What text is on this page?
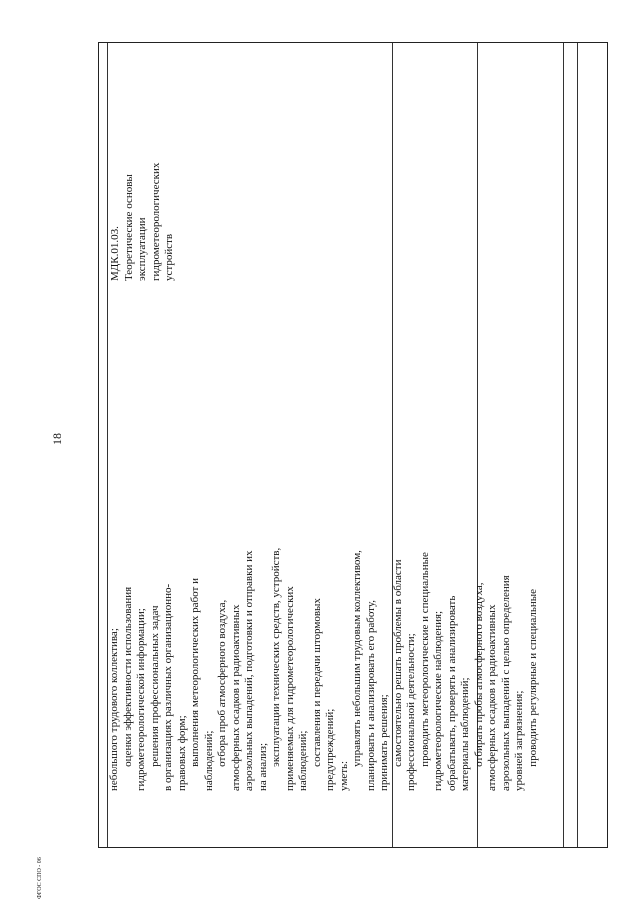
18
ФГОС СПО - 06

небольшого трудового коллектива; оценки эффективности использования гидрометеорологической информации; решения профессиональных задач в организациях различных организационно- правовых форм; выполнения метеорологических работ и наблюдений; отбора проб атмосферного воздуха, атмосферных осадков и радиоактивных аэрозольных выпадений, подготовки и отправки их на анализ;

эксплуатации технических средств, устройств, применяемых для гидрометеорологических наблюдений; составления и передачи штормовых предупреждений; уметь:

управлять небольшим трудовым коллективом, планировать и анализировать его работу, принимать решения; самостоятельно решать проблемы в области профессиональной деятельности; проводить метеорологические и специальные гидрометеорологические наблюдения; обрабатывать, проверять и анализировать материалы наблюдений; отбирать пробы атмосферного воздуха, атмосферных осадков и радиоактивных аэрозольных выпадений с целью определения уровней загрязнения; проводить регулярные и специальные

МДК.01.03. Теоретические основы эксплуатации гидрометеорологических устройств
